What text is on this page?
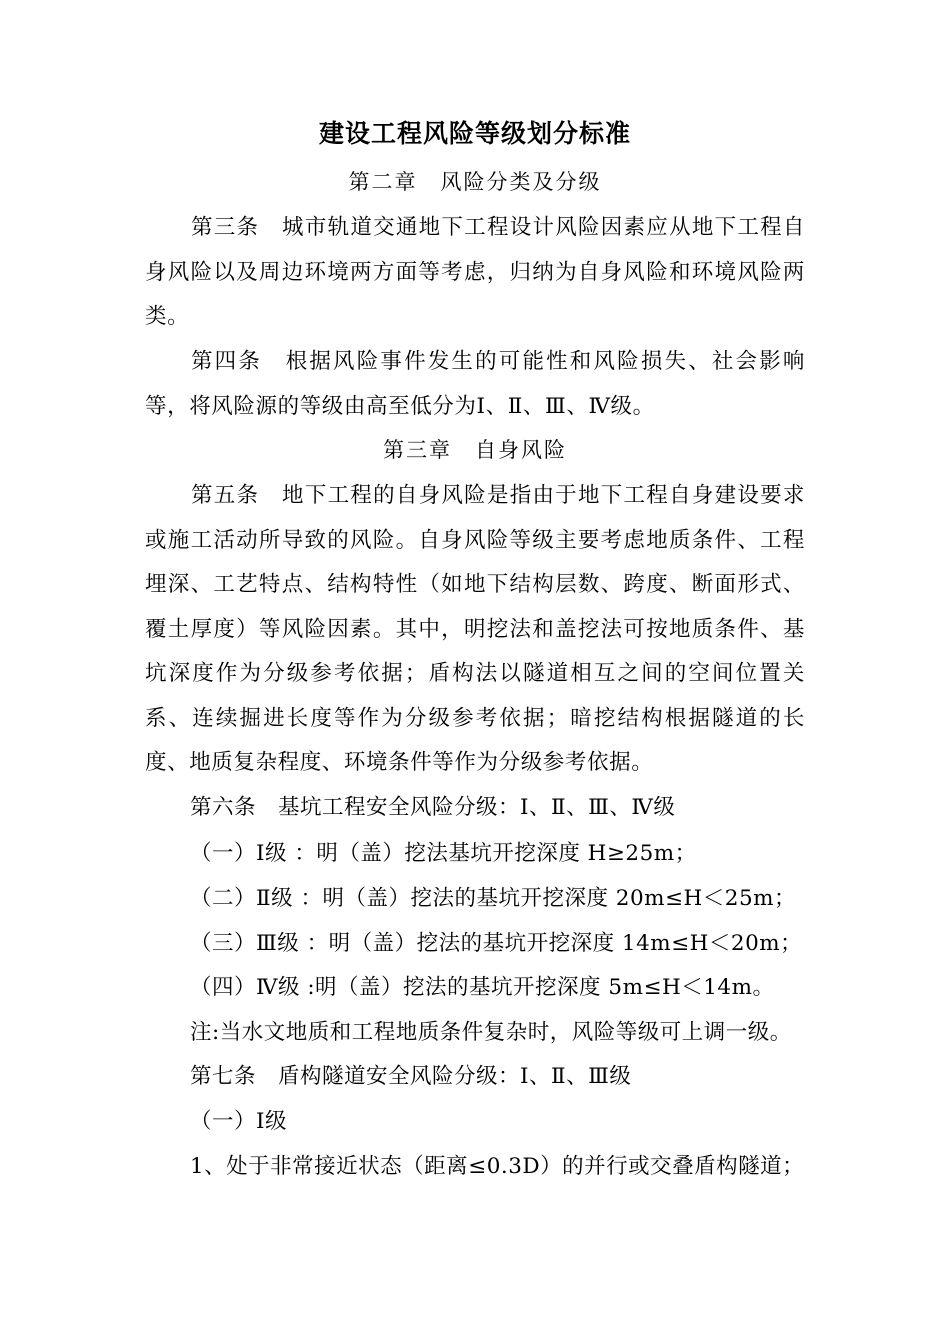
建设工程风险等级划分标准
第二章　风险分类及分级

第三条　城市轨道交通地下工程设计风险因素应从地下工程自身风险以及周边环境两方面等考虑，归纳为自身风险和环境风险两类。

第四条　根据风险事件发生的可能性和风险损失、社会影响等，将风险源的等级由高至低分为Ⅰ、Ⅱ、Ⅲ、Ⅳ级。

第三章　自身风险

第五条　地下工程的自身风险是指由于地下工程自身建设要求或施工活动所导致的风险。自身风险等级主要考虑地质条件、工程埋深、工艺特点、结构特性（如地下结构层数、跨度、断面形式、覆土厚度）等风险因素。其中，明挖法和盖挖法可按地质条件、基坑深度作为分级参考依据；盾构法以隧道相互之间的空间位置关系、连续掘进长度等作为分级参考依据；暗挖结构根据隧道的长度、地质复杂程度、环境条件等作为分级参考依据。

第六条　基坑工程安全风险分级：Ⅰ、Ⅱ、Ⅲ、Ⅳ级
（一）Ⅰ级 ：明（盖）挖法基坑开挖深度 H≥25m；
（二）Ⅱ级 ：明（盖）挖法的基坑开挖深度 20m≤H＜25m；
（三）Ⅲ级 ：明（盖）挖法的基坑开挖深度 14m≤H＜20m；
（四）Ⅳ级 :明（盖）挖法的基坑开挖深度 5m≤H＜14m。
注:当水文地质和工程地质条件复杂时，风险等级可上调一级。
第七条　盾构隧道安全风险分级：Ⅰ、Ⅱ、Ⅲ级
（一）Ⅰ级
1、处于非常接近状态（距离≤0.3D）的并行或交叠盾构隧道；
